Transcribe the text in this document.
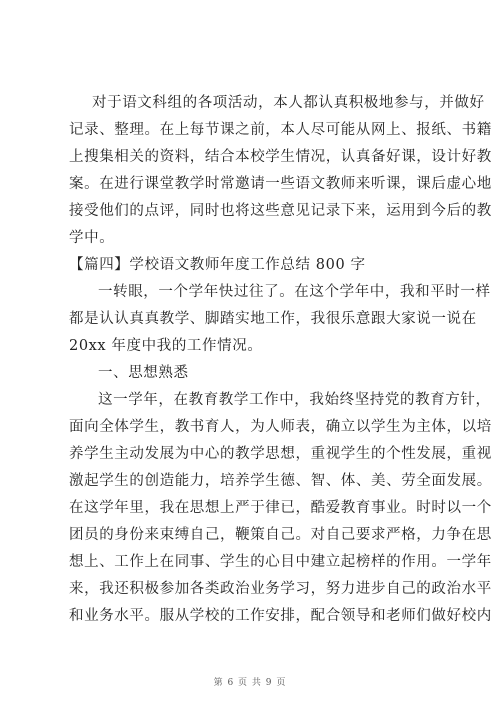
对于语文科组的各项活动，本人都认真积极地参与，并做好
记录、整理。在上每节课之前，本人尽可能从网上、报纸、书籍
上搜集相关的资料，结合本校学生情况，认真备好课，设计好教
案。在进行课堂教学时常邀请一些语文教师来听课，课后虚心地
接受他们的点评，同时也将这些意见记录下来，运用到今后的教
学中。
【篇四】学校语文教师年度工作总结 800 字
一转眼，一个学年快过往了。在这个学年中，我和平时一样
都是认认真真教学、脚踏实地工作，我很乐意跟大家说一说在
20xx 年度中我的工作情况。
一、思想熟悉
这一学年，在教育教学工作中，我始终坚持党的教育方针，
面向全体学生，教书育人，为人师表，确立以学生为主体，以培
养学生主动发展为中心的教学思想，重视学生的个性发展，重视
激起学生的创造能力，培养学生德、智、体、美、劳全面发展。
在这学年里，我在思想上严于律已，酷爱教育事业。时时以一个
团员的身份来束缚自己，鞭策自己。对自己要求严格，力争在思
想上、工作上在同事、学生的心目中建立起榜样的作用。一学年
来，我还积极参加各类政治业务学习，努力进步自己的政治水平
和业务水平。服从学校的工作安排，配合领导和老师们做好校内
第 6 页 共 9 页
